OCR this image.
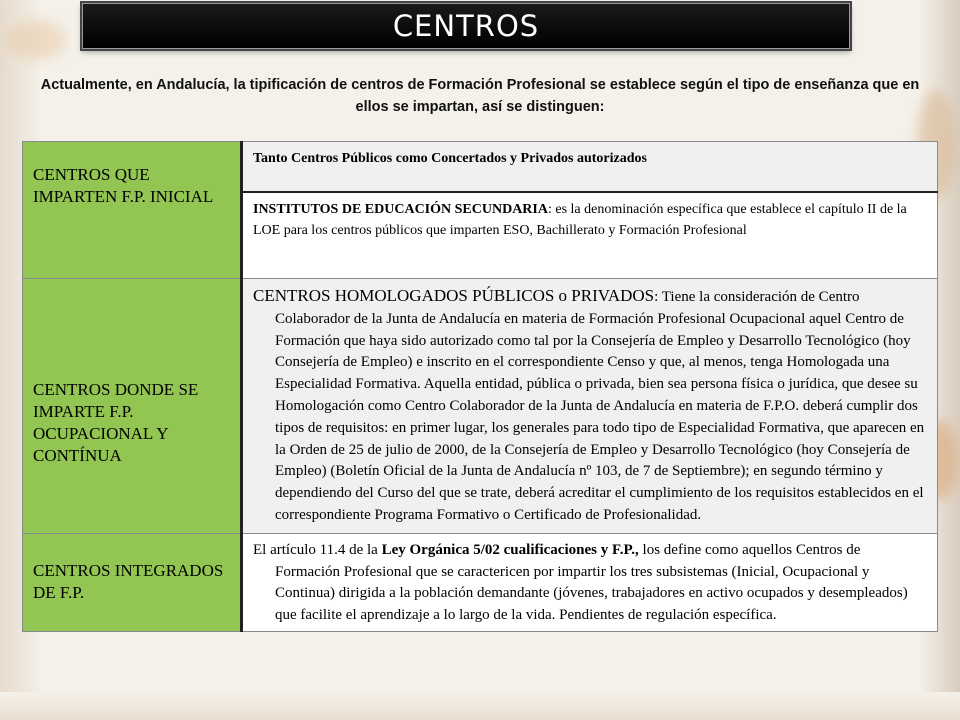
CENTROS
Actualmente, en Andalucía, la tipificación de centros de Formación Profesional se establece según el tipo de enseñanza que en ellos se impartan, así se distinguen:
CENTROS QUE IMPARTEN F.P. INICIAL	Tanto Centros Públicos como Concertados y Privados autorizados
	INSTITUTOS DE EDUCACIÓN SECUNDARIA: es la denominación específica que establece el capítulo II de la LOE para los centros públicos que imparten ESO, Bachillerato y Formación Profesional

CENTROS DONDE SE IMPARTE F.P. OCUPACIONAL Y CONTÍNUA	CENTROS HOMOLOGADOS PÚBLICOS o PRIVADOS: Tiene la consideración de Centro Colaborador de la Junta de Andalucía en materia de Formación Profesional Ocupacional aquel Centro de Formación que haya sido autorizado como tal por la Consejería de Empleo y Desarrollo Tecnológico (hoy Consejería de Empleo) e inscrito en el correspondiente Censo y que, al menos, tenga Homologada una Especialidad Formativa. Aquella entidad, pública o privada, bien sea persona física o jurídica, que desee su Homologación como Centro Colaborador de la Junta de Andalucía en materia de F.P.O. deberá cumplir dos tipos de requisitos: en primer lugar, los generales para todo tipo de Especialidad Formativa, que aparecen en la Orden de 25 de julio de 2000, de la Consejería de Empleo y Desarrollo Tecnológico (hoy Consejería de Empleo) (Boletín Oficial de la Junta de Andalucía nº 103, de 7 de Septiembre); en segundo término y dependiendo del Curso del que se trate, deberá acreditar el cumplimiento de los requisitos establecidos en el correspondiente Programa Formativo o Certificado de Profesionalidad.

CENTROS INTEGRADOS DE F.P.	El artículo 11.4 de la Ley Orgánica 5/02 cualificaciones y F.P., los define como aquellos Centros de Formación Profesional que se caractericen por impartir los tres subsistemas (Inicial, Ocupacional y Continua) dirigida a la población demandante (jóvenes, trabajadores en activo ocupados y desempleados) que facilite el aprendizaje a lo largo de la vida. Pendientes de regulación específica.
